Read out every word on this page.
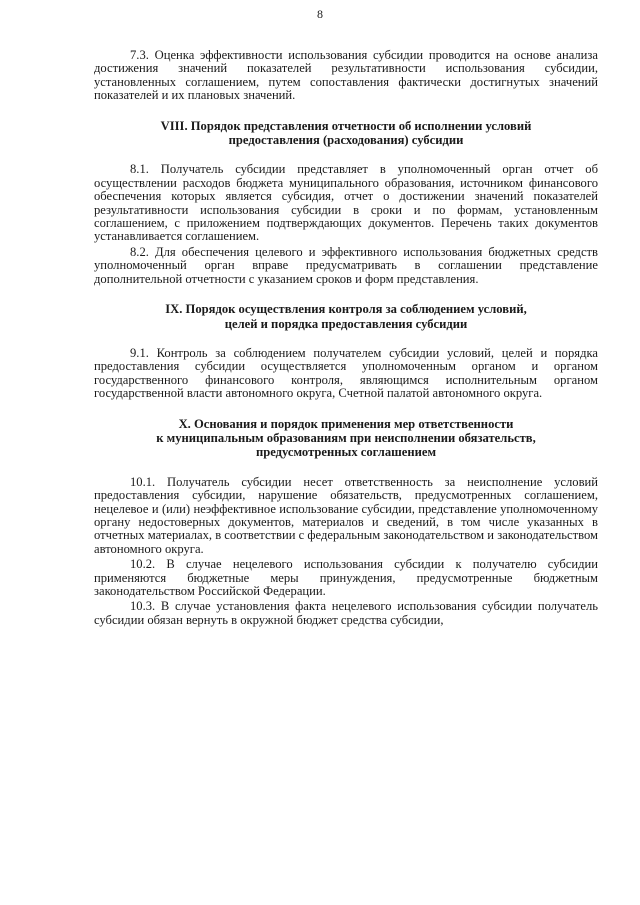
8

7.3. Оценка эффективности использования субсидии проводится на основе анализа достижения значений показателей результативности использования субсидии, установленных соглашением, путем сопоставления фактически достигнутых значений показателей и их плановых значений.

VIII. Порядок представления отчетности об исполнении условий

предоставления (расходования) субсидии

8.1. Получатель субсидии представляет в уполномоченный орган отчет об осуществлении расходов бюджета муниципального образования, источником финансового обеспечения которых является субсидия, отчет о достижении значений показателей результативности использования субсидии в сроки и по формам, установленным соглашением, с приложением подтверждающих документов. Перечень таких документов устанавливается соглашением.

8.2. Для обеспечения целевого и эффективного использования бюджетных средств уполномоченный орган вправе предусматривать в соглашении представление дополнительной отчетности с указанием сроков и форм представления.

IX. Порядок осуществления контроля за соблюдением условий,

целей и порядка предоставления субсидии

9.1. Контроль за соблюдением получателем субсидии условий, целей и порядка предоставления субсидии осуществляется уполномоченным органом и органом государственного финансового контроля, являющимся исполнительным органом государственной власти автономного округа, Счетной палатой автономного округа.

X. Основания и порядок применения мер ответственности

к муниципальным образованиям при неисполнении обязательств,

предусмотренных соглашением

10.1. Получатель субсидии несет ответственность за неисполнение условий предоставления субсидии, нарушение обязательств, предусмотренных соглашением, нецелевое и (или) неэффективное использование субсидии, представление уполномоченному органу недостоверных документов, материалов и сведений, в том числе указанных в отчетных материалах, в соответствии с федеральным законодательством и законодательством автономного округа.

10.2. В случае нецелевого использования субсидии к получателю субсидии применяются бюджетные меры принуждения, предусмотренные бюджетным законодательством Российской Федерации.

10.3. В случае установления факта нецелевого использования субсидии получатель субсидии обязан вернуть в окружной бюджет средства субсидии,
